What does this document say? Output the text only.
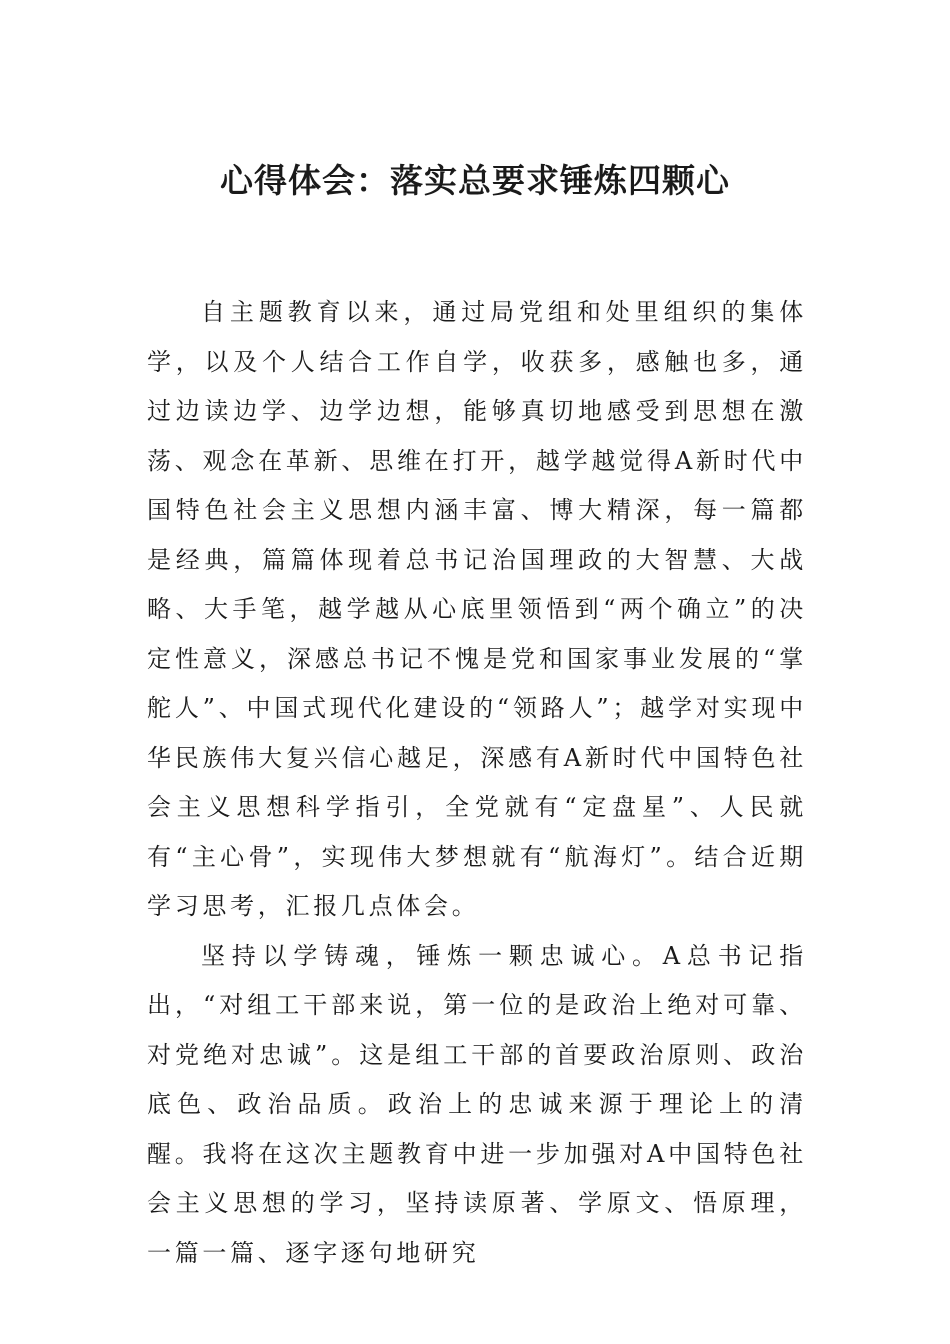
心得体会：落实总要求锤炼四颗心

自主题教育以来，通过局党组和处里组织的集体学，以及个人结合工作自学，收获多，感触也多，通过边读边学、边学边想，能够真切地感受到思想在激荡、观念在革新、思维在打开，越学越觉得A新时代中国特色社会主义思想内涵丰富、博大精深，每一篇都是经典，篇篇体现着总书记治国理政的大智慧、大战略、大手笔，越学越从心底里领悟到“两个确立”的决定性意义，深感总书记不愧是党和国家事业发展的“掌舵人”、中国式现代化建设的“领路人”；越学对实现中华民族伟大复兴信心越足，深感有A新时代中国特色社会主义思想科学指引，全党就有“定盘星”、人民就有“主心骨”，实现伟大梦想就有“航海灯”。结合近期学习思考，汇报几点体会。

坚持以学铸魂，锤炼一颗忠诚心。A总书记指出，“对组工干部来说，第一位的是政治上绝对可靠、对党绝对忠诚”。这是组工干部的首要政治原则、政治底色、政治品质。政治上的忠诚来源于理论上的清醒。我将在这次主题教育中进一步加强对A中国特色社会主义思想的学习，坚持读原著、学原文、悟原理，一篇一篇、逐字逐句地研究
